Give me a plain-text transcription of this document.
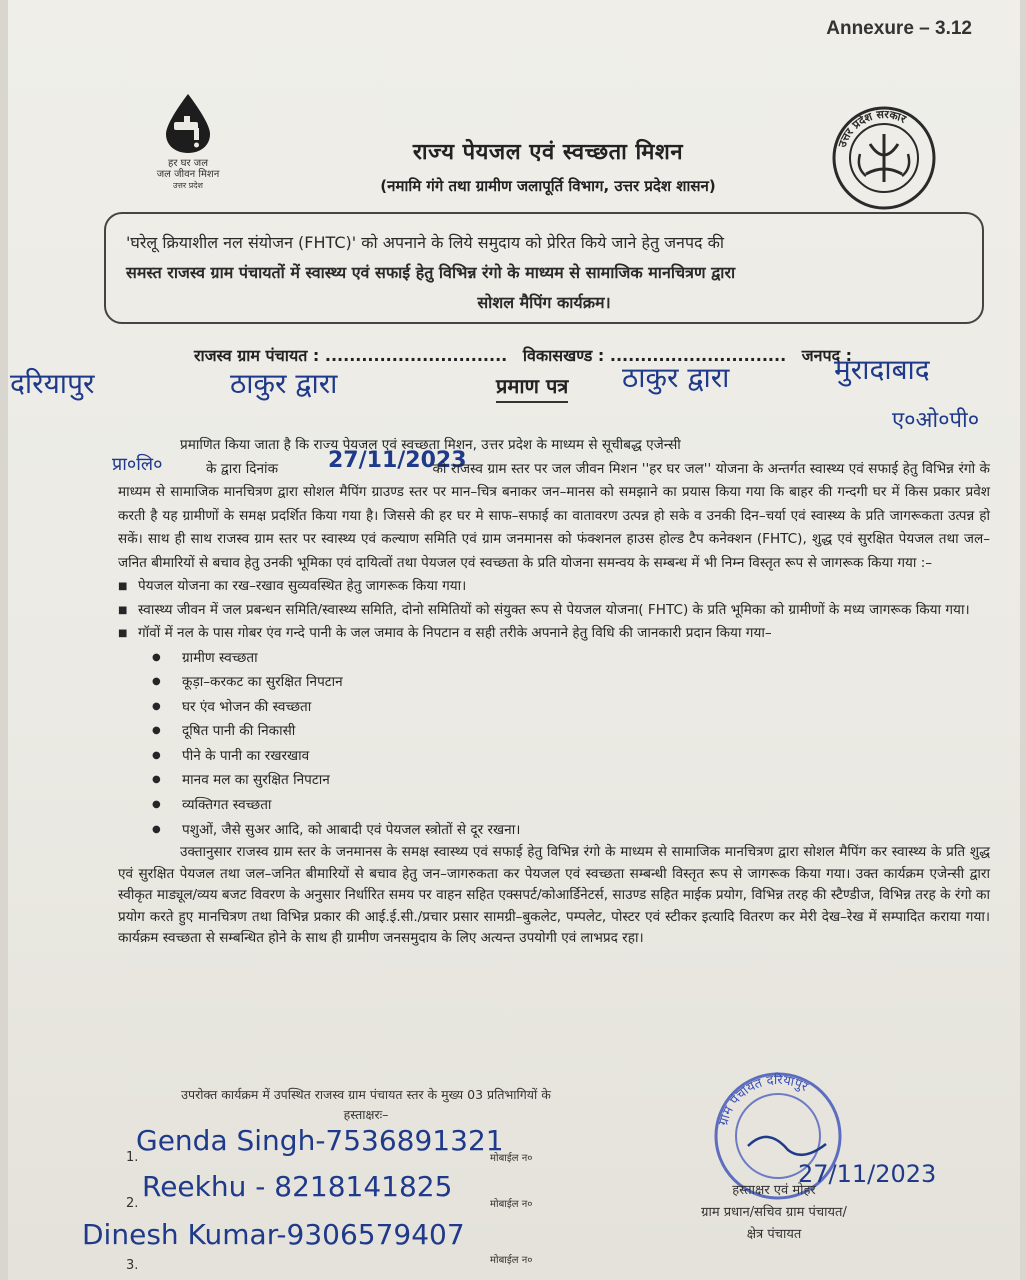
Annexure – 3.12
हर घर जल
जल जीवन मिशन
उत्तर प्रदेश
उत्तर प्रदेश सरकार
राज्य पेयजल एवं स्वच्छता मिशन
(नमामि गंगे तथा ग्रामीण जलापूर्ति विभाग, उत्तर प्रदेश शासन)
'घरेलू क्रियाशील नल संयोजन (FHTC)' को अपनाने के लिये समुदाय को प्रेरित किये जाने हेतु जनपद की
समस्त राजस्व ग्राम पंचायतों में स्वास्थ्य एवं सफाई हेतु विभिन्न रंगो के माध्यम से सामाजिक मानचित्रण द्वारा
सोशल मैपिंग कार्यक्रम।
राजस्व ग्राम पंचायत : .............................. विकासखण्ड : ............................. जनपद :
दरियापुर	ठाकुर द्वारा	ठाकुर द्वारा	मुरादाबाद
प्रमाण पत्र
ए०ओ०पी०
प्रा०लि०	27/11/2023

प्रमाणित किया जाता है कि राज्य पेयजल एवं स्वच्छता मिशन, उत्तर प्रदेश के माध्यम से सूचीबद्ध एजेन्सी
के द्वारा दिनांक	को राजस्व ग्राम स्तर पर जल जीवन मिशन ''हर घर जल'' योजना के अन्तर्गत स्वास्थ्य एवं सफाई हेतु विभिन्न रंगो के माध्यम से सामाजिक मानचित्रण द्वारा सोशल मैपिंग ग्राउण्ड स्तर पर मान–चित्र बनाकर जन–मानस को समझाने का प्रयास किया गया कि बाहर की गन्दगी घर में किस प्रकार प्रवेश करती है यह ग्रामीणों के समक्ष प्रदर्शित किया गया है। जिससे की हर घर मे साफ–सफाई का वातावरण उत्पन्न हो सके व उनकी दिन–चर्या एवं स्वास्थ्य के प्रति जागरूकता उत्पन्न हो सकें। साथ ही साथ राजस्व ग्राम स्तर पर स्वास्थ्य एवं कल्याण समिति एवं ग्राम जनमानस को फंक्शनल हाउस होल्ड टैप कनेक्शन (FHTC), शुद्ध एवं सुरक्षित पेयजल तथा जल–जनित बीमारियों से बचाव हेतु उनकी भूमिका एवं दायित्वों तथा पेयजल एवं स्वच्छता के प्रति योजना समन्वय के सम्बन्ध में भी निम्न विस्तृत रूप से जागरूक किया गया :–

■ पेयजल योजना का रख–रखाव सुव्यवस्थित हेतु जागरूक किया गया।
■ स्वास्थ्य जीवन में जल प्रबन्धन समिति/स्वास्थ्य समिति, दोनो समितियों को संयुक्त रूप से पेयजल योजना( FHTC) के प्रति भूमिका को ग्रामीणों के मध्य जागरूक किया गया।
■ गॉवों में नल के पास गोबर एंव गन्दे पानी के जल जमाव के निपटान व सही तरीके अपनाने हेतु विधि की जानकारी प्रदान किया गया–
● ग्रामीण स्वच्छता
● कूड़ा–करकट का सुरक्षित निपटान
● घर एंव भोजन की स्वच्छता
● दूषित पानी की निकासी
● पीने के पानी का रखरखाव
● मानव मल का सुरक्षित निपटान
● व्यक्तिगत स्वच्छता
● पशुओं, जैसे सुअर आदि, को आबादी एवं पेयजल स्त्रोतों से दूर रखना।

उक्तानुसार राजस्व ग्राम स्तर के जनमानस के समक्ष स्वास्थ्य एवं सफाई हेतु विभिन्न रंगो के माध्यम से सामाजिक मानचित्रण द्वारा सोशल मैपिंग कर स्वास्थ्य के प्रति शुद्ध एवं सुरक्षित पेयजल तथा जल–जनित बीमारियों से बचाव हेतु जन–जागरुकता कर पेयजल एवं स्वच्छता सम्बन्धी विस्तृत रूप से जागरूक किया गया। उक्त कार्यक्रम एजेन्सी द्वारा स्वीकृत माड्यूल/व्यय बजट विवरण के अनुसार निर्धारित समय पर वाहन सहित एक्सपर्ट/कोआर्डिनेटर्स, साउण्ड सहित माईक प्रयोग, विभिन्न तरह की स्टैण्डीज, विभिन्न तरह के रंगो का प्रयोग करते हुए मानचित्रण तथा विभिन्न प्रकार की आई.ई.सी./प्रचार प्रसार सामग्री–बुकलेट, पम्पलेट, पोस्टर एवं स्टीकर इत्यादि वितरण कर मेरी देख–रेख में सम्पादित कराया गया। कार्यक्रम स्वच्छता से सम्बन्धित होने के साथ ही ग्रामीण जनसमुदाय के लिए अत्यन्त उपयोगी एवं लाभप्रद रहा।

उपरोक्त कार्यक्रम में उपस्थित राजस्व ग्राम पंचायत स्तर के मुख्य 03 प्रतिभागियों के
हस्ताक्षरः–
1.
Genda Singh-7536891321
मोबाईल न०
2.
Reekhu - 8218141825
मोबाईल न०
3.
Dinesh Kumar-9306579407
मोबाईल न०
ग्राम पंचायत दरियापुर
27/11/2023
हस्ताक्षर एवं मोहर
ग्राम प्रधान/सचिव ग्राम पंचायत/
क्षेत्र पंचायत
